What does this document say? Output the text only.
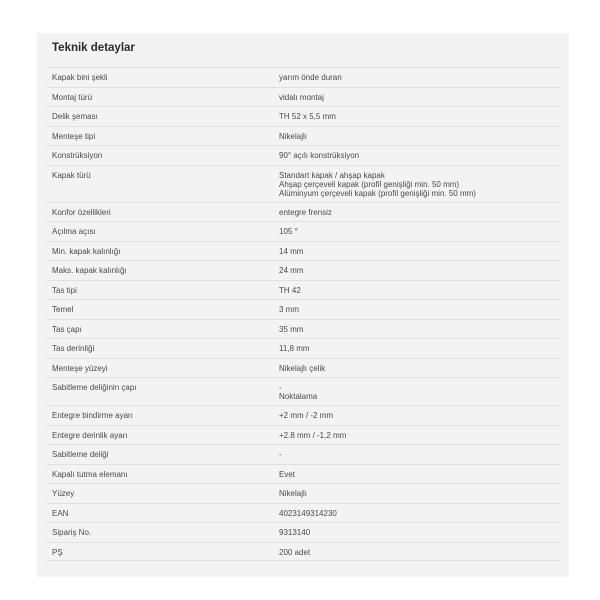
Teknik detaylar
Kapak bini şekli	yarım önde duran
Montaj türü	vidalı montaj
Delik şeması	TH 52 x 5,5 mm
Menteşe tipi	Nikelajlı
Konstrüksiyon	90° açılı konstrüksiyon
Kapak türü	Standart kapak / ahşap kapak
Ahşap çerçeveli kapak (profil genişliği min. 50 mm)
Alüminyum çerçeveli kapak (profil genişliği min. 50 mm)
Konfor özellikleri	entegre frensiz
Açılma açısı	105 °
Min. kapak kalınlığı	14 mm
Maks. kapak kalınlığı	24 mm
Tas tipi	TH 42
Temel	3 mm
Tas çapı	35 mm
Tas derinliği	11,8 mm
Menteşe yüzeyi	Nikelajlı çelik
Sabitleme deliğinin çapı	-
Noktalama
Entegre bindirme ayarı	+2 mm / -2 mm
Entegre derinlik ayarı	+2.8 mm / -1,2 mm
Sabitleme deliği	-
Kapalı tutma elemanı	Evet
Yüzey	Nikelajlı
EAN	4023149314230
Sipariş No.	9313140
PŞ	200 adet
